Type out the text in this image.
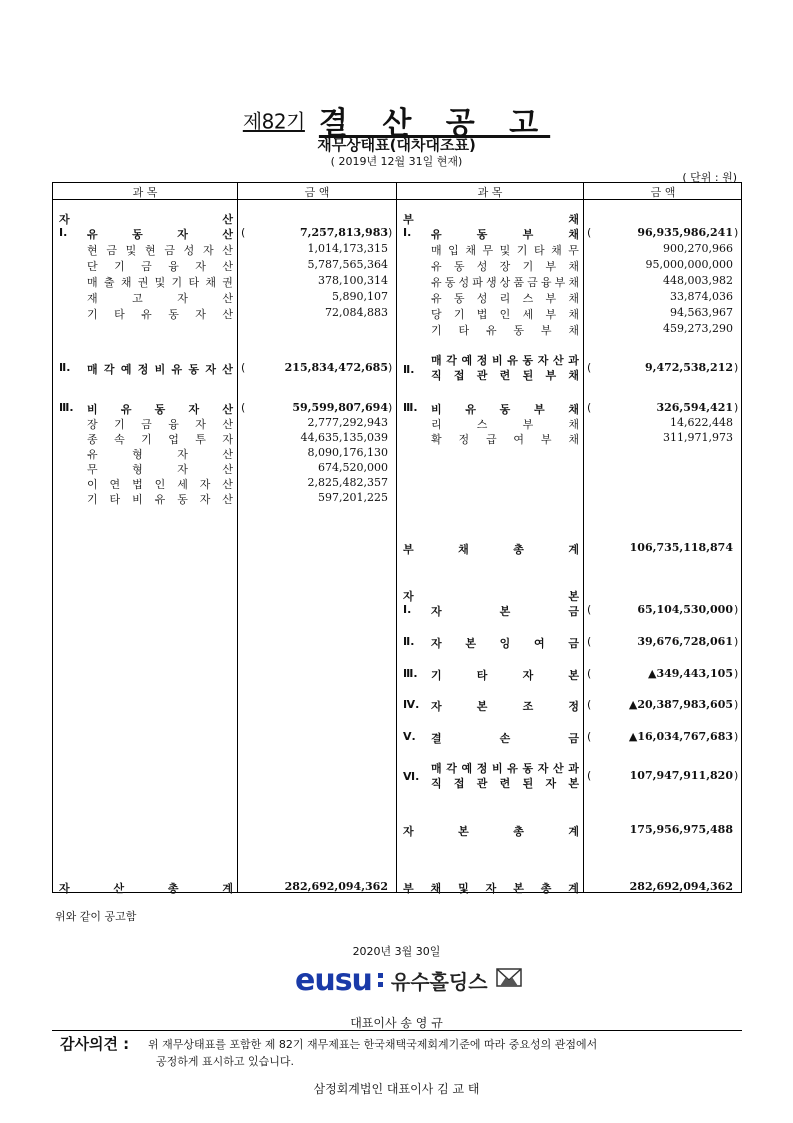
제82기 결 산 공 고
재무상태표(대차대조표)
( 2019년 12월 31일 현재)
( 단위 : 원)
과 목	금 액	과 목	금 액
자	산
Ⅰ. 유	동	자	산	7,257,813,983
(	)
현 금 및 현 금 성 자 산	1,014,173,315
단 기 금 융 자 산	5,787,565,364
매 출 채 권 및 기 타 채 권	378,100,314
재	고	자	산	5,890,107
기 타 유 동 자 산	72,084,883
Ⅱ. 매 각 예 정 비 유 동 자 산	215,834,472,685
(	)
Ⅲ. 비 유 동 자 산	59,599,807,694
(	)
장 기 금 융 자 산	2,777,292,943
종 속 기 업 투 자	44,635,135,039
유	형	자	산	8,090,176,130
무	형	자	산	674,520,000
이 연 법 인 세 자 산	2,825,482,357
기 타 비 유 동 자 산	597,201,225
자	산	총	계	282,692,094,362
부	채
Ⅰ. 유	동	부	채	96,935,986,241
(	)
매 입 채 무 및 기 타 채 무	900,270,966
유 동 성 장 기 부 채	95,000,000,000
유 동 성 파 생 상 품 금 융 부 채	448,003,982
유 동 성 리 스 부 채	33,874,036
당 기 법 인 세 부 채	94,563,967
기 타 유 동 부 채	459,273,290
Ⅱ.
매 각 예 정 비 유 동 자 산 과
직 접 관 련 된 부 채
9,472,538,212
(	)
Ⅲ. 비 유 동 부 채	326,594,421
(	)
리	스	부	채	14,622,448
확 정 급 여 부 채	311,971,973
부	채	총	계	106,735,118,874
자	본
Ⅰ. 자	본	금	65,104,530,000
(	)
Ⅱ. 자 본 잉 여 금	39,676,728,061
(	)
Ⅲ. 기	타	자	본	▲349,443,105
(	)
Ⅳ. 자	본	조	정	▲20,387,983,605
(	)
Ⅴ. 결	손	금	▲16,034,767,683
(	)
Ⅵ.
매 각 예 정 비 유 동 자 산 과
직 접 관 련 된 자 본
107,947,911,820
(	)
자	본	총	계	175,956,975,488
부 채 및 자 본 총 계	282,692,094,362
위와 같이 공고함
2020년 3월 30일
eusu 유수홀딩스
대표이사 송 영 규
감사의견 : 위 재무상태표를 포함한 제 82기 재무제표는 한국채택국제회계기준에 따라 중요성의 관점에서
공정하게 표시하고 있습니다.
삼정회계법인 대표이사 김 교 태
